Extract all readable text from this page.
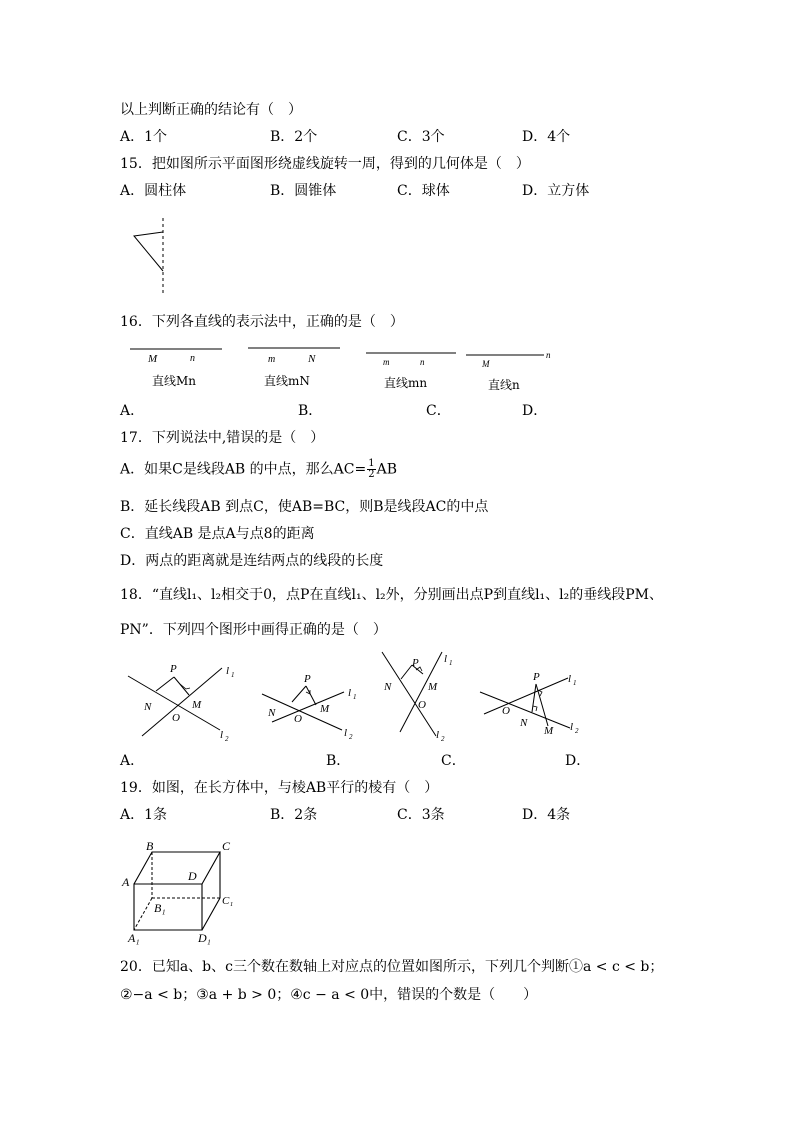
以上判断正确的结论有（　）
A．1个	B．2个	C．3个	D．4个
15．把如图所示平面图形绕虚线旋转一周，得到的几何体是（　）
A．圆柱体	B．圆锥体	C．球体	D．立方体
16．下列各直线的表示法中，正确的是（　）
M	n
直线Mn
m	N
直线mN
m	n
直线mn
M
n
直线n
A．	B．	C．	D．
17．下列说法中,错误的是（　）
A．如果C是线段AB 的中点，那么$AC= \frac{1}{2}$ AB
B．延长线段AB 到点C，使AB=BC，则B是线段AC的中点
C．直线AB 是点A与点8的距离
D．两点的距离就是连结两点的线段的长度
18．“直线l₁、l₂相交于0，点P在直线l₁、l₂外，分别画出点P到直线l₁、l₂的垂线段PM、
PN”．下列四个图形中画得正确的是（　）
P	l 1
N	M
O
l 2
P
l 1
N	M
O
l 2
P l 1
N	M
O
l 2
P	l 1
O
N
M l 2
A．	B．	C．	D．
19．如图，在长方体中，与棱AB平行的棱有（　）
A．1条	B．2条	C．3条	D．4条
B	C
A	D
B₁	C₁
A₁	D₁
20．已知a、b、c三个数在数轴上对应点的位置如图所示，下列几个判断①a < c < b；
②−a < b；③a + b > 0；④c − a < 0中，错误的个数是（　　）
